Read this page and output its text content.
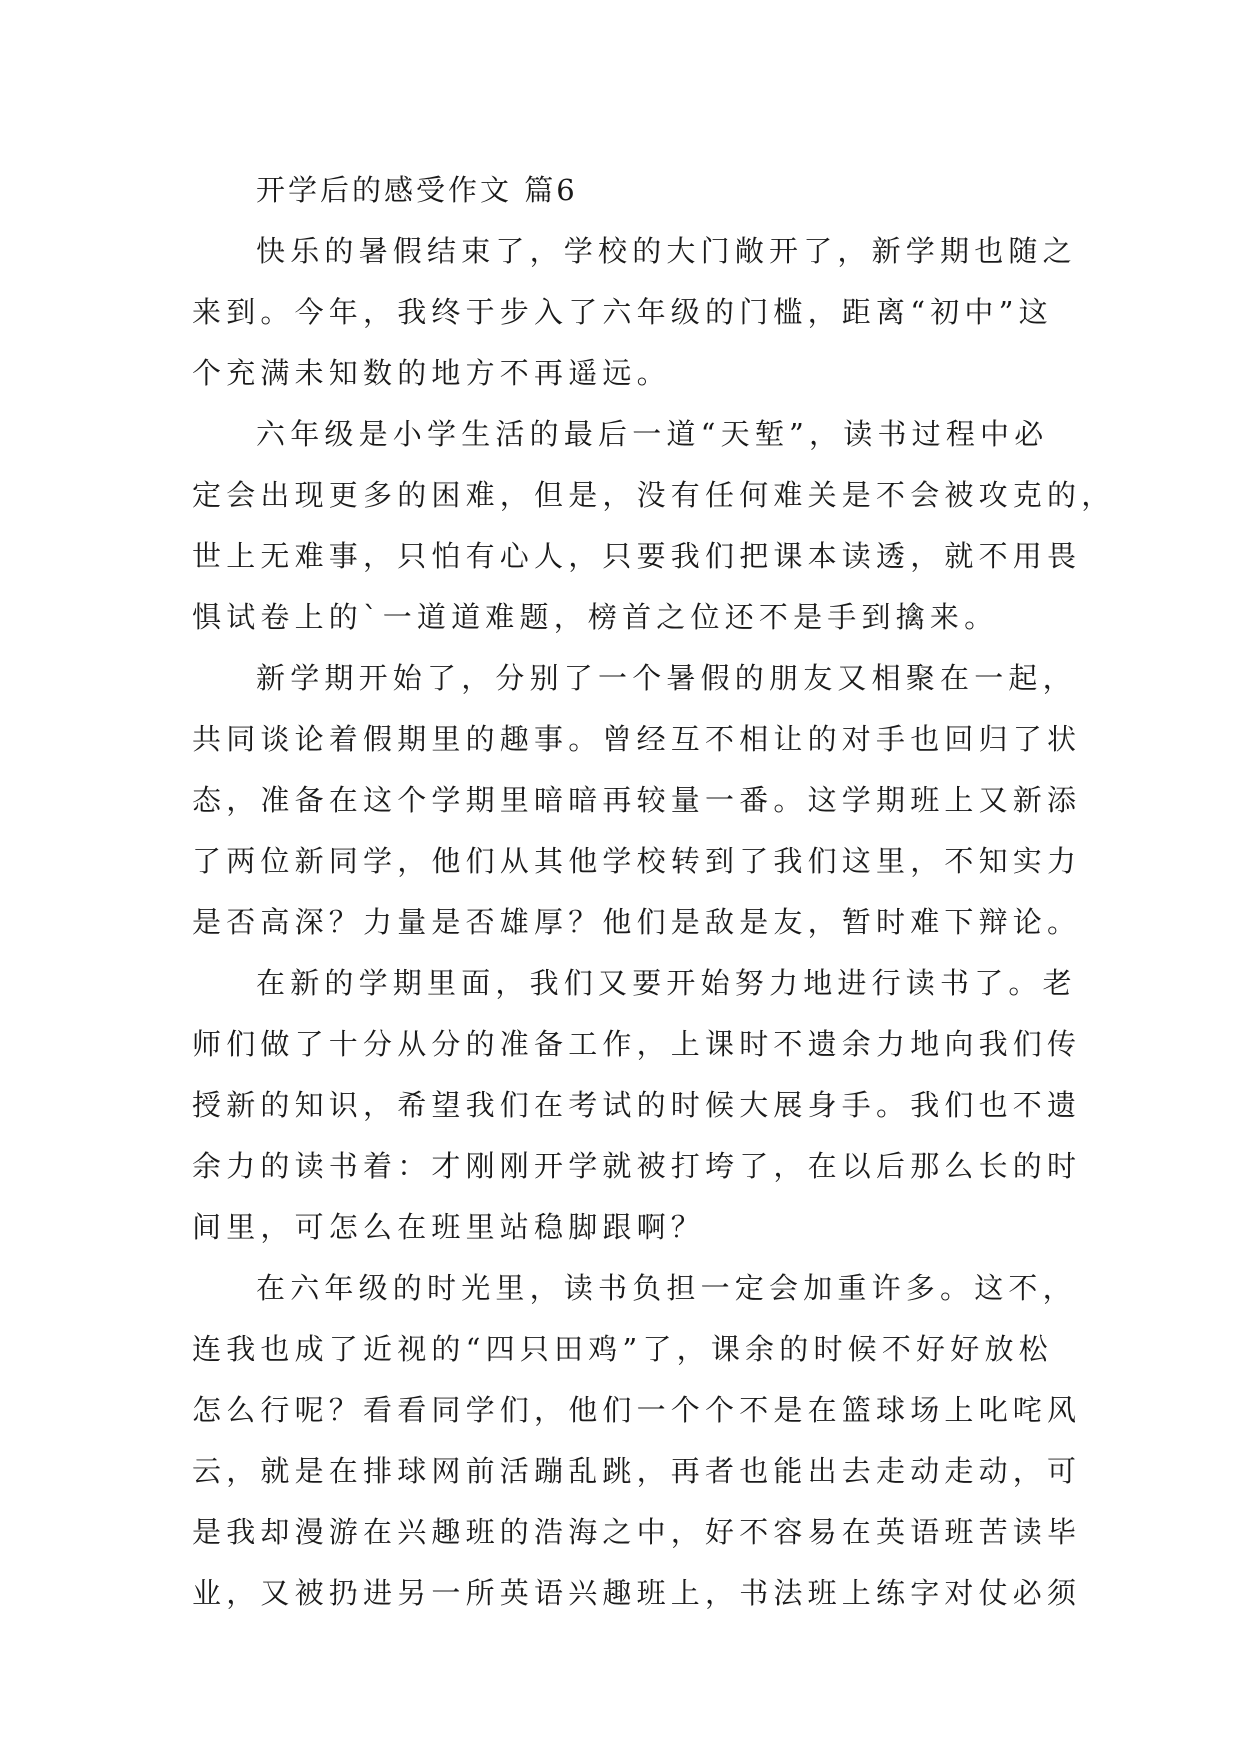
开学后的感受作文 篇6
快乐的暑假结束了，学校的大门敞开了，新学期也随之
来到。今年，我终于步入了六年级的门槛，距离“初中”这
个充满未知数的地方不再遥远。
六年级是小学生活的最后一道“天堑”，读书过程中必
定会出现更多的困难，但是，没有任何难关是不会被攻克的，
世上无难事，只怕有心人，只要我们把课本读透，就不用畏
惧试卷上的`一道道难题，榜首之位还不是手到擒来。
新学期开始了，分别了一个暑假的朋友又相聚在一起，
共同谈论着假期里的趣事。曾经互不相让的对手也回归了状
态，准备在这个学期里暗暗再较量一番。这学期班上又新添
了两位新同学，他们从其他学校转到了我们这里，不知实力
是否高深？力量是否雄厚？他们是敌是友，暂时难下辩论。
在新的学期里面，我们又要开始努力地进行读书了。老
师们做了十分从分的准备工作，上课时不遗余力地向我们传
授新的知识，希望我们在考试的时候大展身手。我们也不遗
余力的读书着：才刚刚开学就被打垮了，在以后那么长的时
间里，可怎么在班里站稳脚跟啊？
在六年级的时光里，读书负担一定会加重许多。这不，
连我也成了近视的“四只田鸡”了，课余的时候不好好放松
怎么行呢？看看同学们，他们一个个不是在篮球场上叱咤风
云，就是在排球网前活蹦乱跳，再者也能出去走动走动，可
是我却漫游在兴趣班的浩海之中，好不容易在英语班苦读毕
业，又被扔进另一所英语兴趣班上，书法班上练字对仗必须
